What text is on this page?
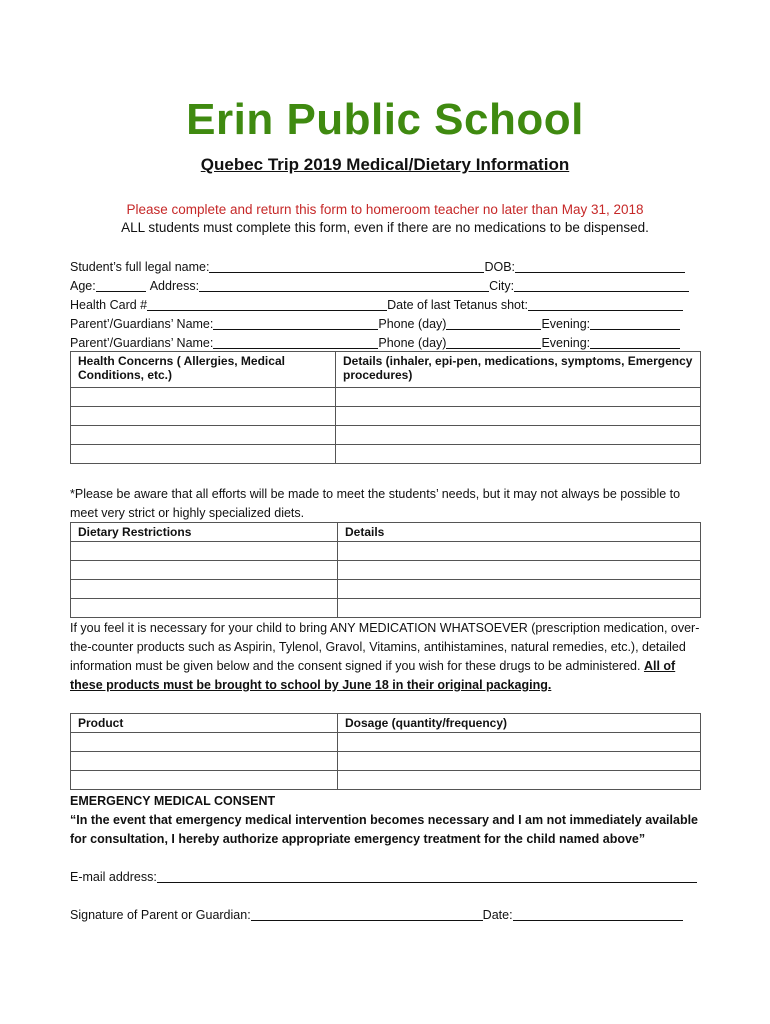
Erin Public School
Quebec Trip 2019 Medical/Dietary Information
Please complete and return this form to homeroom teacher no later than May 31, 2018
ALL students must complete this form, even if there are no medications to be dispensed.
Student’s full legal name:	DOB:
Age:	Address:	City:
Health Card #	Date of last Tetanus shot:
Parent’/Guardians’ Name:	Phone (day)	Evening:
Parent’/Guardians’ Name:	Phone (day)	Evening:
Health Concerns ( Allergies, Medical Conditions, etc.)	Details (inhaler, epi-pen, medications, symptoms, Emergency procedures)

*Please be aware that all efforts will be made to meet the students’ needs, but it may not always be possible to meet very strict or highly specialized diets.
Dietary Restrictions	Details

If you feel it is necessary for your child to bring ANY MEDICATION WHATSOEVER (prescription medication, over-the-counter products such as Aspirin, Tylenol, Gravol, Vitamins, antihistamines, natural remedies, etc.), detailed information must be given below and the consent signed if you wish for these drugs to be administered. All of these products must be brought to school by June 18 in their original packaging.
Product	Dosage (quantity/frequency)

EMERGENCY MEDICAL CONSENT
“In the event that emergency medical intervention becomes necessary and I am not immediately available for consultation, I hereby authorize appropriate emergency treatment for the child named above”
E-mail address:
Signature of Parent or Guardian:	Date:
